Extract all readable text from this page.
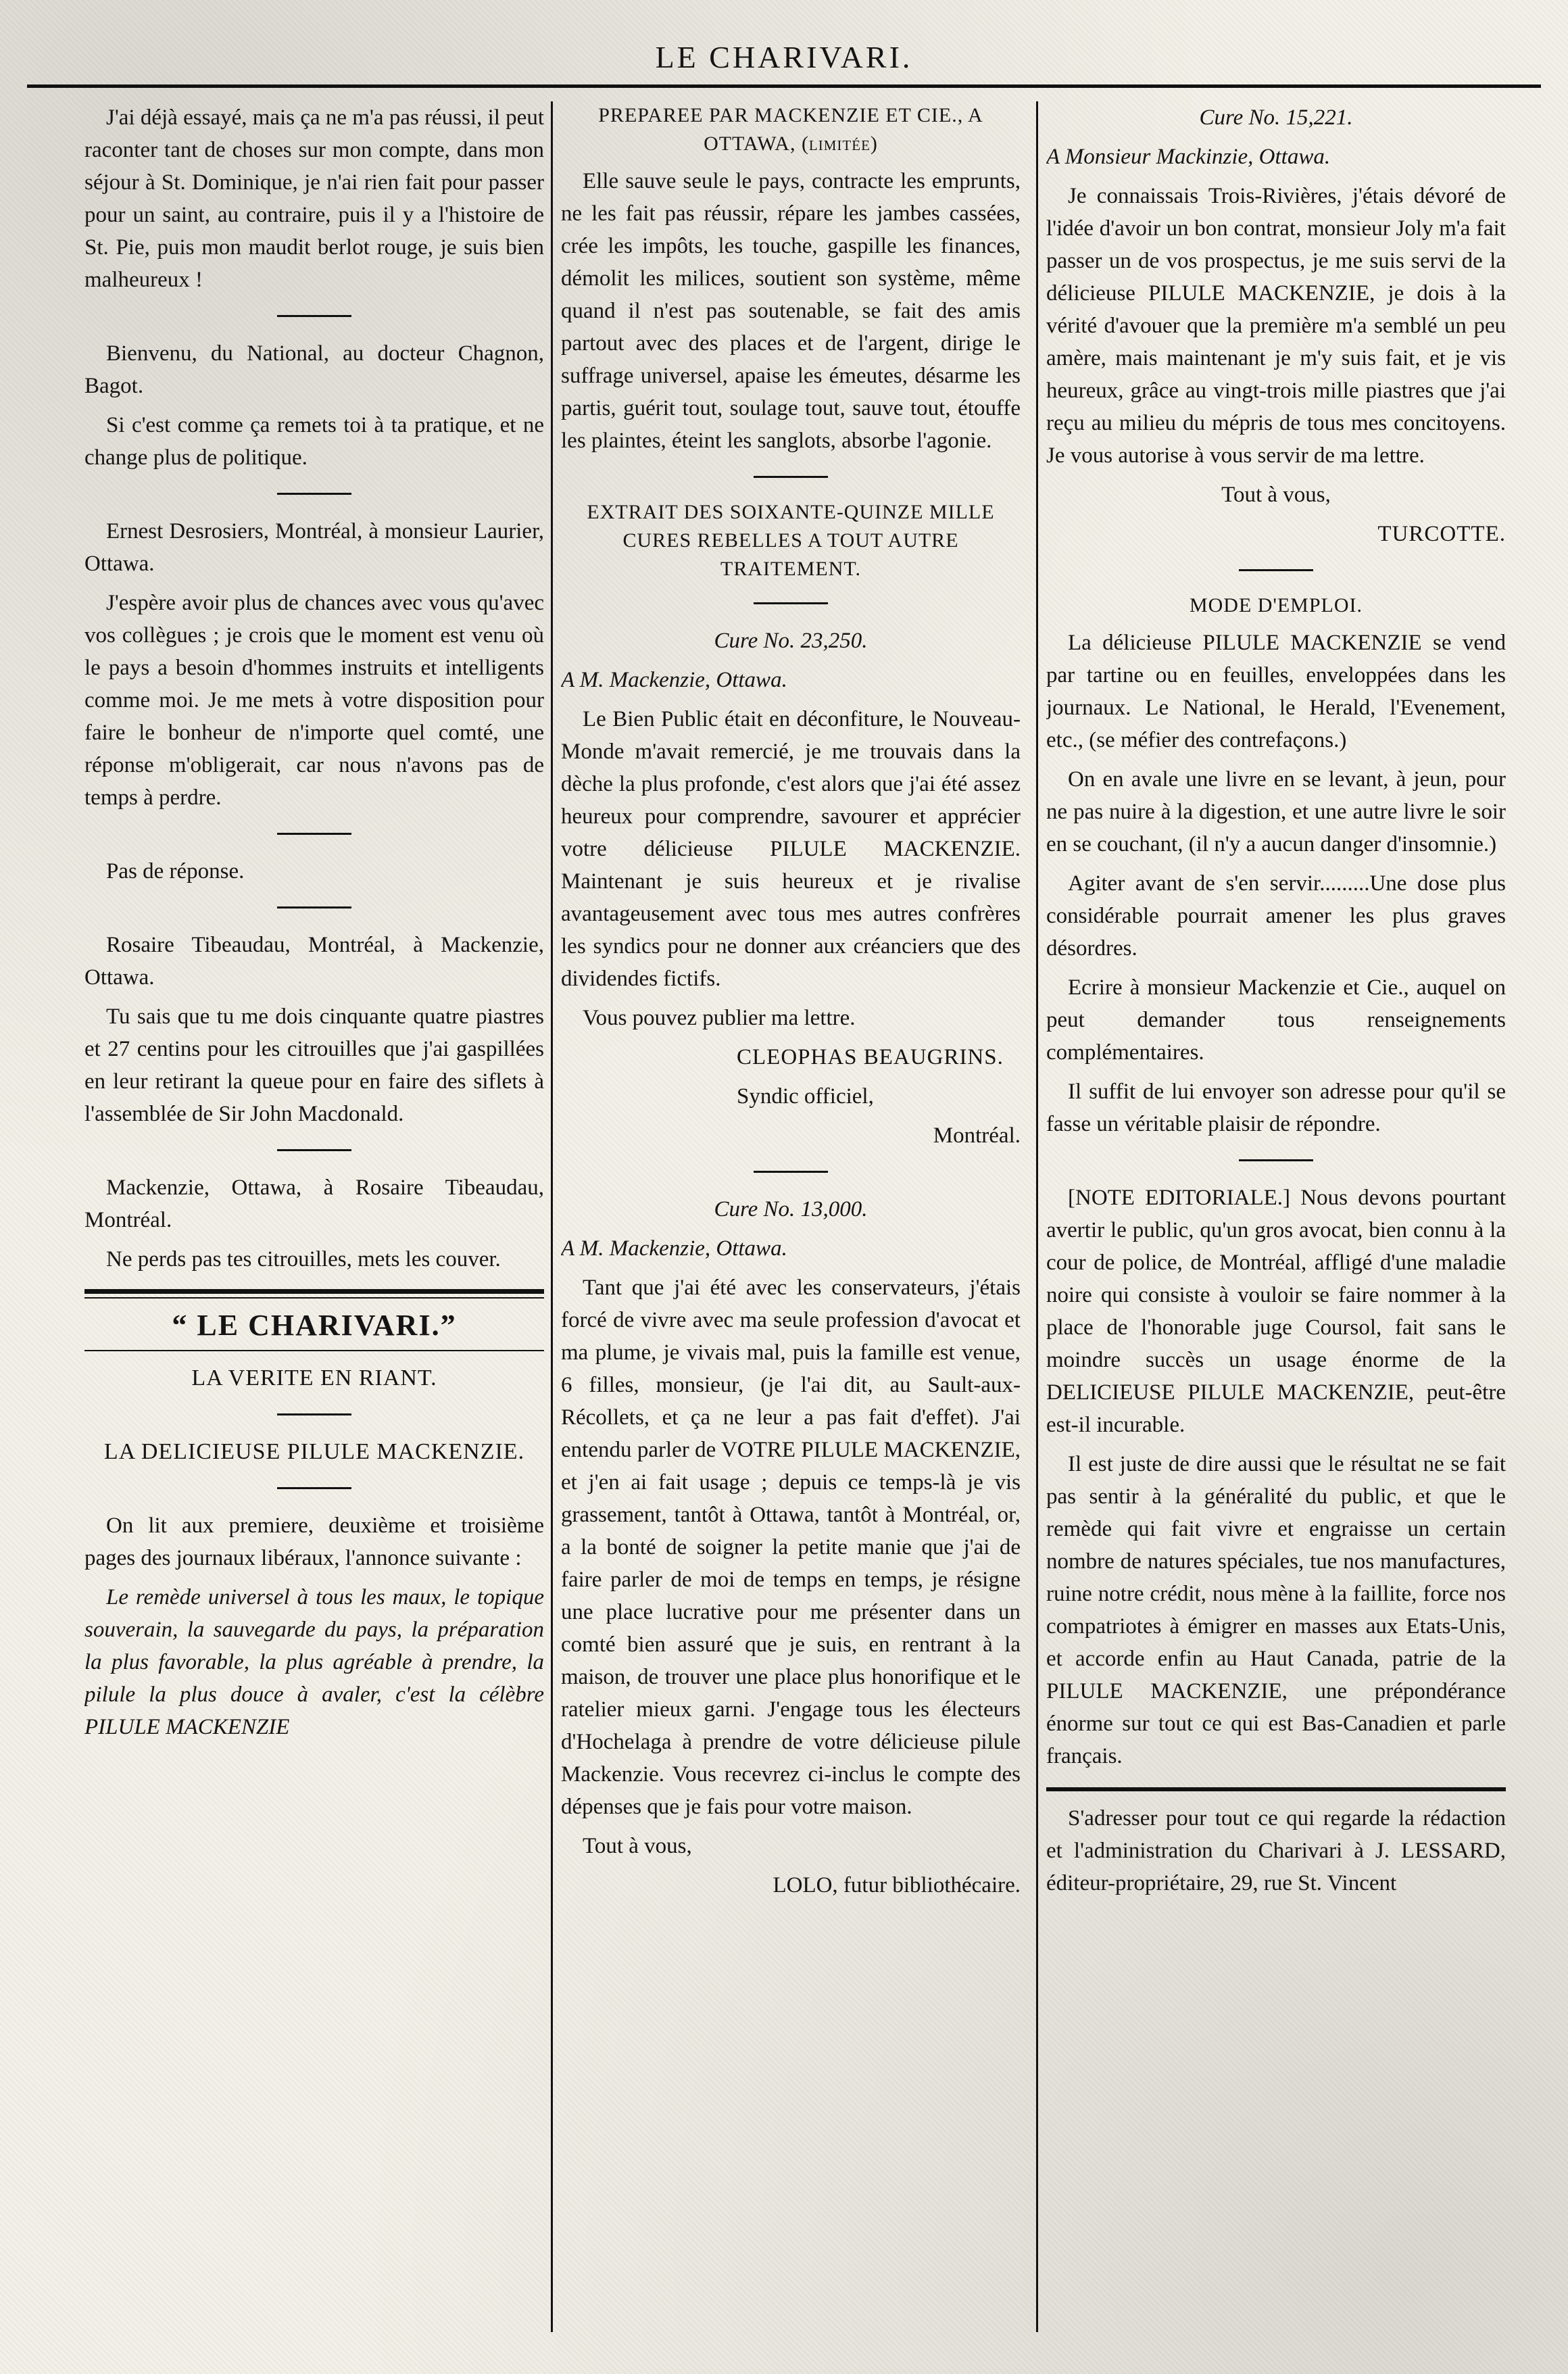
LE CHARIVARI.

J'ai déjà essayé, mais ça ne m'a pas réussi, il peut raconter tant de choses sur mon compte, dans mon séjour à St. Dominique, je n'ai rien fait pour passer pour un saint, au contraire, puis il y a l'histoire de St. Pie, puis mon maudit berlot rouge, je suis bien malheureux !

Bienvenu, du National, au docteur Chagnon, Bagot.

Si c'est comme ça remets toi à ta pratique, et ne change plus de politique.

Ernest Desrosiers, Montréal, à monsieur Laurier, Ottawa.

J'espère avoir plus de chances avec vous qu'avec vos collègues ; je crois que le moment est venu où le pays a besoin d'hommes instruits et intelligents comme moi. Je me mets à votre disposition pour faire le bonheur de n'importe quel comté, une réponse m'obligerait, car nous n'avons pas de temps à perdre.

Pas de réponse.

Rosaire Tibeaudau, Montréal, à Mackenzie, Ottawa.

Tu sais que tu me dois cinquante quatre piastres et 27 centins pour les citrouilles que j'ai gaspillées en leur retirant la queue pour en faire des siflets à l'assemblée de Sir John Macdonald.

Mackenzie, Ottawa, à Rosaire Tibeaudau, Montréal.

Ne perds pas tes citrouilles, mets les couver.

“ LE CHARIVARI.”
LA VERITE EN RIANT.
LA DELICIEUSE PILULE MACKENZIE.

On lit aux premiere, deuxième et troisième pages des journaux libéraux, l'annonce suivante :

Le remède universel à tous les maux, le topique souverain, la sauvegarde du pays, la préparation la plus favorable, la plus agréable à prendre, la pilule la plus douce à avaler, c'est la célèbre PILULE MACKENZIE

PREPAREE PAR MACKENZIE ET CIE., A OTTAWA, (limitée)

Elle sauve seule le pays, contracte les emprunts, ne les fait pas réussir, répare les jambes cassées, crée les impôts, les touche, gaspille les finances, démolit les milices, soutient son système, même quand il n'est pas soutenable, se fait des amis partout avec des places et de l'argent, dirige le suffrage universel, apaise les émeutes, désarme les partis, guérit tout, soulage tout, sauve tout, étouffe les plaintes, éteint les sanglots, absorbe l'agonie.

EXTRAIT DES SOIXANTE-QUINZE MILLE CURES REBELLES A TOUT AUTRE TRAITEMENT.

Cure No. 23,250.

A M. Mackenzie, Ottawa.

Le Bien Public était en déconfiture, le Nouveau-Monde m'avait remercié, je me trouvais dans la dèche la plus profonde, c'est alors que j'ai été assez heureux pour comprendre, savourer et apprécier votre délicieuse PILULE MACKENZIE. Maintenant je suis heureux et je rivalise avantageusement avec tous mes autres confrères les syndics pour ne donner aux créanciers que des dividendes fictifs.

Vous pouvez publier ma lettre.

CLEOPHAS BEAUGRINS.

Syndic officiel,

Montréal.

Cure No. 13,000.

A M. Mackenzie, Ottawa.

Tant que j'ai été avec les conservateurs, j'étais forcé de vivre avec ma seule profession d'avocat et ma plume, je vivais mal, puis la famille est venue, 6 filles, monsieur, (je l'ai dit, au Sault-aux-Récollets, et ça ne leur a pas fait d'effet). J'ai entendu parler de VOTRE PILULE MACKENZIE, et j'en ai fait usage ; depuis ce temps-là je vis grassement, tantôt à Ottawa, tantôt à Montréal, or, a la bonté de soigner la petite manie que j'ai de faire parler de moi de temps en temps, je résigne une place lucrative pour me présenter dans un comté bien assuré que je suis, en rentrant à la maison, de trouver une place plus honorifique et le ratelier mieux garni. J'engage tous les électeurs d'Hochelaga à prendre de votre délicieuse pilule Mackenzie. Vous recevrez ci-inclus le compte des dépenses que je fais pour votre maison.

Tout à vous,

LOLO, futur bibliothécaire.

Cure No. 15,221.

A Monsieur Mackinzie, Ottawa.

Je connaissais Trois-Rivières, j'étais dévoré de l'idée d'avoir un bon contrat, monsieur Joly m'a fait passer un de vos prospectus, je me suis servi de la délicieuse PILULE MACKENZIE, je dois à la vérité d'avouer que la première m'a semblé un peu amère, mais maintenant je m'y suis fait, et je vis heureux, grâce au vingt-trois mille piastres que j'ai reçu au milieu du mépris de tous mes concitoyens. Je vous autorise à vous servir de ma lettre.

Tout à vous,

TURCOTTE.

MODE D'EMPLOI.

La délicieuse PILULE MACKENZIE se vend par tartine ou en feuilles, enveloppées dans les journaux. Le National, le Herald, l'Evenement, etc., (se méfier des contrefaçons.)

On en avale une livre en se levant, à jeun, pour ne pas nuire à la digestion, et une autre livre le soir en se couchant, (il n'y a aucun danger d'insomnie.)

Agiter avant de s'en servir.........Une dose plus considérable pourrait amener les plus graves désordres.

Ecrire à monsieur Mackenzie et Cie., auquel on peut demander tous renseignements complémentaires.

Il suffit de lui envoyer son adresse pour qu'il se fasse un véritable plaisir de répondre.

[NOTE EDITORIALE.] Nous devons pourtant avertir le public, qu'un gros avocat, bien connu à la cour de police, de Montréal, affligé d'une maladie noire qui consiste à vouloir se faire nommer à la place de l'honorable juge Coursol, fait sans le moindre succès un usage énorme de la DELICIEUSE PILULE MACKENZIE, peut-être est-il incurable.

Il est juste de dire aussi que le résultat ne se fait pas sentir à la généralité du public, et que le remède qui fait vivre et engraisse un certain nombre de natures spéciales, tue nos manufactures, ruine notre crédit, nous mène à la faillite, force nos compatriotes à émigrer en masses aux Etats-Unis, et accorde enfin au Haut Canada, patrie de la PILULE MACKENZIE, une prépondérance énorme sur tout ce qui est Bas-Canadien et parle français.

S'adresser pour tout ce qui regarde la rédaction et l'administration du Charivari à J. LESSARD, éditeur-propriétaire, 29, rue St. Vincent
